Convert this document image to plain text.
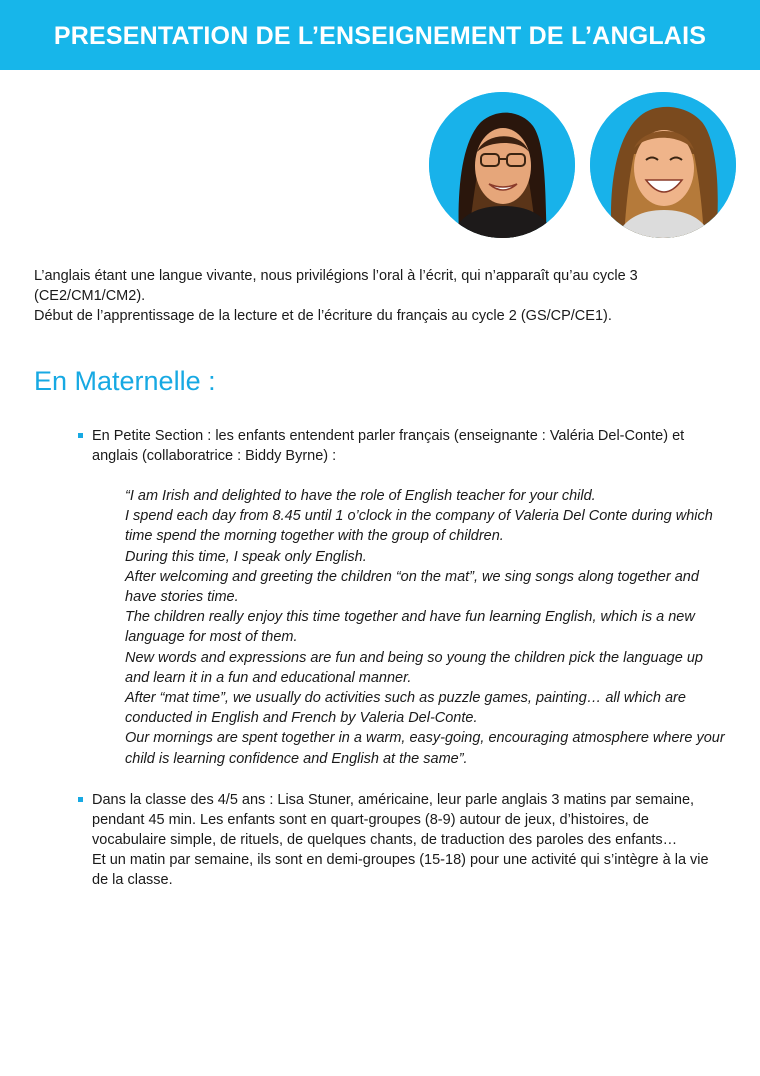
PRESENTATION DE L’ENSEIGNEMENT DE L’ANGLAIS

L’anglais étant une langue vivante, nous privilégions l’oral à l’écrit, qui n’apparaît qu’au cycle 3 (CE2/CM1/CM2).

Début de l’apprentissage de la lecture et de l’écriture du français au cycle 2 (GS/CP/CE1).

En Maternelle :

En Petite Section : les enfants entendent parler français (enseignante : Valéria Del-Conte) et anglais (collaboratrice : Biddy Byrne) :

“I am Irish and delighted to have the role of English teacher for your child.

I spend each day from 8.45 until 1 o’clock in the company of Valeria Del Conte during which time spend the morning together with the group of children.

During this time, I speak only English.

After welcoming and greeting the children “on the mat”, we sing songs along together and have stories time.

The children really enjoy this time together and have fun learning English, which is a new language for most of them.

New words and expressions are fun and being so young the children pick the language up and learn it in a fun and educational manner.

After “mat time”, we usually do activities such as puzzle games, painting… all which are conducted in English and French by Valeria Del-Conte.

Our mornings are spent together in a warm, easy-going, encouraging atmosphere where your child is learning confidence and English at the same”.

Dans la classe des 4/5 ans : Lisa Stuner, américaine, leur parle anglais 3 matins par semaine, pendant 45 min. Les enfants sont en quart-groupes (8-9) autour de jeux, d’histoires, de vocabulaire simple, de rituels, de quelques chants, de traduction des paroles des enfants…

Et un matin par semaine, ils sont en demi-groupes (15-18) pour une activité qui s’intègre à la vie de la classe.
